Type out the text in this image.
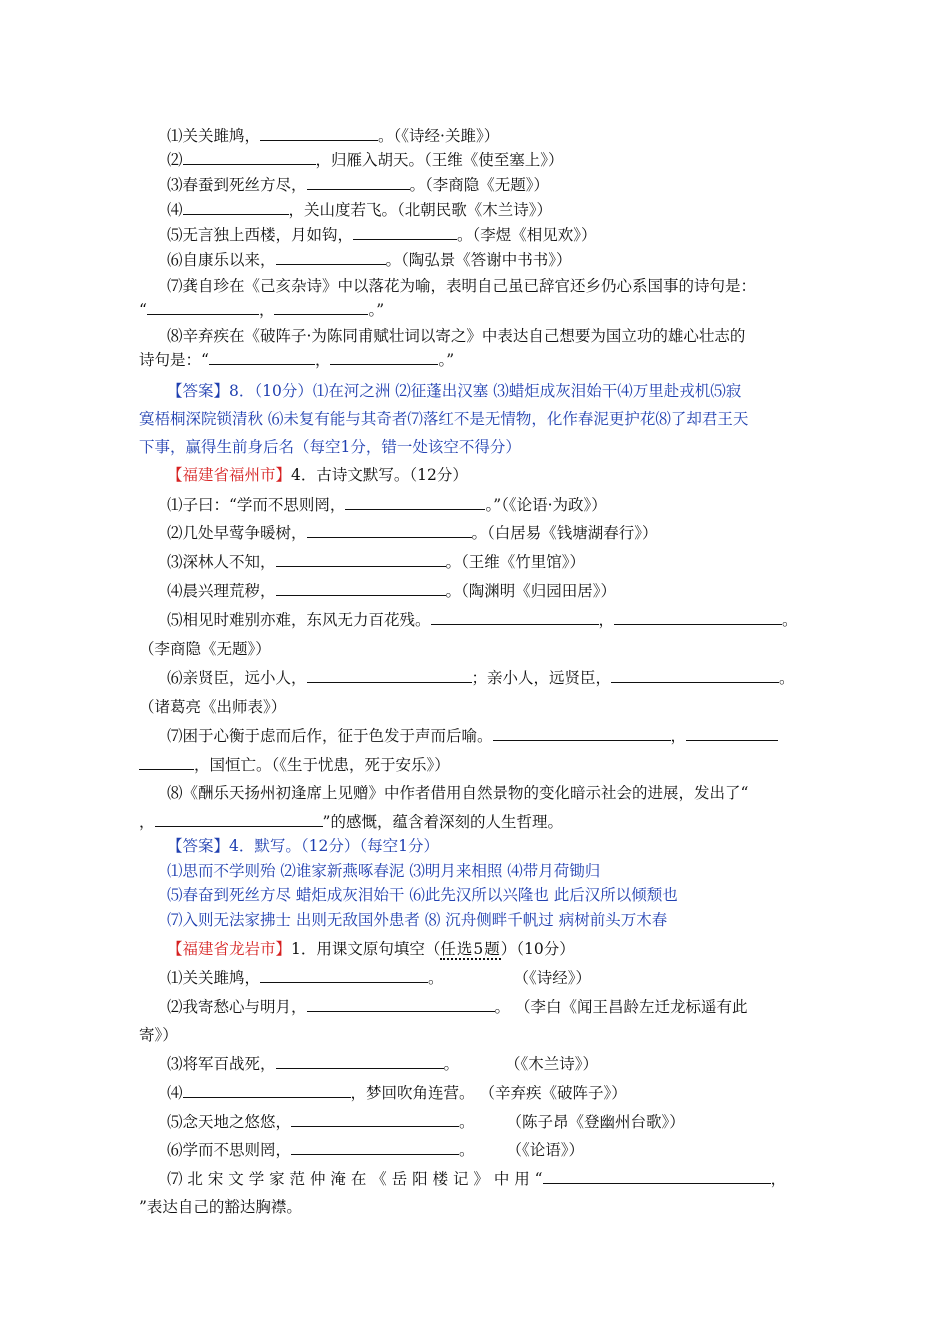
⑴关关雎鸠，	。（《诗经·关雎》）
⑵	，归雁入胡天。（王维《使至塞上》）
⑶春蚕到死丝方尽，	。（李商隐《无题》）
⑷	，关山度若飞。（北朝民歌《木兰诗》）
⑸无言独上西楼，月如钩，	。（李煜《相见欢》）
⑹自康乐以来，	。（陶弘景《答谢中书书》）
⑺龚自珍在《己亥杂诗》中以落花为喻，表明自己虽已辞官还乡仍心系国事的诗句是：
“	，	。”
⑻辛弃疾在《破阵子·为陈同甫赋壮词以寄之》中表达自己想要为国立功的雄心壮志的
诗句是：“	，	。”
【答案】8．（10分）⑴在河之洲 ⑵征蓬出汉塞 ⑶蜡炬成灰泪始干⑷万里赴戎机⑸寂
寞梧桐深院锁清秋 ⑹未复有能与其奇者⑺落红不是无情物，化作春泥更护花⑻了却君王天
下事，赢得生前身后名（每空1分，错一处该空不得分）
【福建省福州市】4．古诗文默写。（12分）
⑴子曰：“学而不思则罔，	。”（《论语·为政》）
⑵几处早莺争暖树，	。（白居易《钱塘湖春行》）
⑶深林人不知，	。（王维《竹里馆》）
⑷晨兴理荒秽，	。（陶渊明《归园田居》）
⑸相见时难别亦难，东风无力百花残。	，	。
（李商隐《无题》）
⑹亲贤臣，远小人，	；亲小人，远贤臣，	。
（诸葛亮《出师表》）
⑺困于心衡于虑而后作，征于色发于声而后喻。	，
，国恒亡。（《生于忧患，死于安乐》）
⑻《酬乐天扬州初逢席上见赠》中作者借用自然景物的变化暗示社会的进展，发出了“
，	”的感慨，蕴含着深刻的人生哲理。
【答案】4．默写。（12分）（每空1分）
⑴思而不学则殆 ⑵谁家新燕啄春泥 ⑶明月来相照 ⑷带月荷锄归
⑸春奋到死丝方尽 蜡炬成灰泪始干 ⑹此先汉所以兴隆也 此后汉所以倾颓也
⑺入则无法家拂士 出则无敌国外患者 ⑻ 沉舟侧畔千帆过 病树前头万木春
【福建省龙岩市】1．用课文原句填空（任选5题）（10分）
⑴关关雎鸠，	。	（《诗经》）
⑵我寄愁心与明月，	。 （李白《闻王昌龄左迁龙标遥有此
寄》）
⑶将军百战死，	。	（《木兰诗》）
⑷	，梦回吹角连营。 （辛弃疾《破阵子》）
⑸念天地之悠悠，	。 （陈子昂《登幽州台歌》）
⑹学而不思则罔，	。 （《论语》）
⑺ 北 宋 文 学 家 范 仲 淹 在 《 岳 阳 楼 记 》 中 用 “	，
”表达自己的豁达胸襟。
